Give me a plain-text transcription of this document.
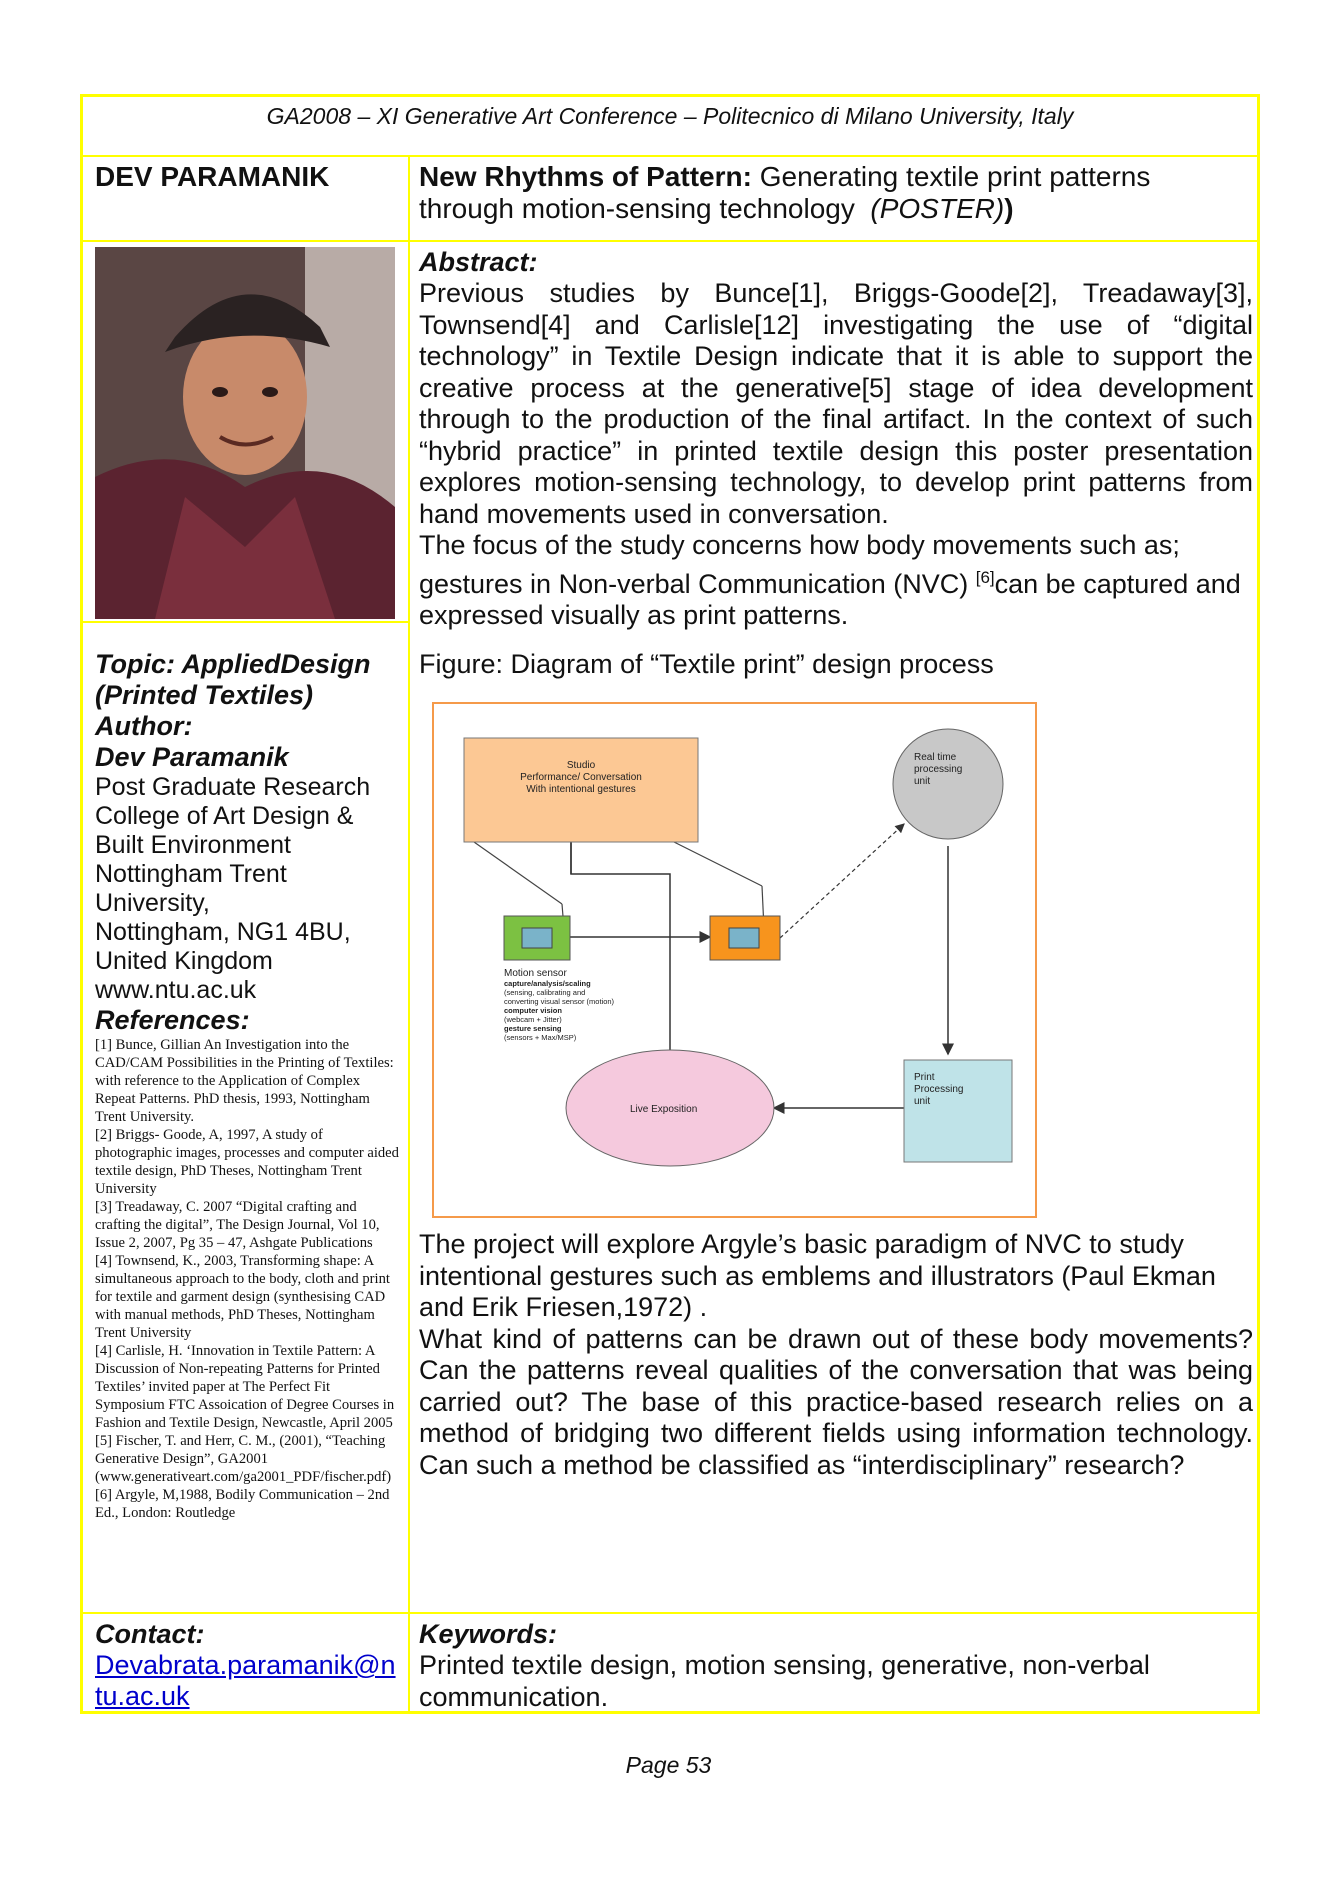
GA2008 – XI Generative Art Conference – Politecnico di Milano University, Italy
DEV PARAMANIK	New Rhythms of Pattern: Generating textile print patterns through motion-sensing technology (POSTER))

Abstract:

Previous studies by Bunce[1], Briggs-Goode[2], Treadaway[3], Townsend[4] and Carlisle[12] investigating the use of “digital technology” in Textile Design indicate that it is able to support the creative process at the generative[5] stage of idea development through to the production of the final artifact. In the context of such “hybrid practice” in printed textile design this poster presentation explores motion-sensing technology, to develop print patterns from hand movements used in conversation.

The focus of the study concerns how body movements such as; gestures in Non-verbal Communication (NVC) [6]can be captured and expressed visually as print patterns.

Figure: Diagram of “Textile print” design process

The project will explore Argyle’s basic paradigm of NVC to study intentional gestures such as emblems and illustrators (Paul Ekman and Erik Friesen,1972) .

What kind of patterns can be drawn out of these body movements? Can the patterns reveal qualities of the conversation that was being carried out? The base of this practice-based research relies on a method of bridging two different fields using information technology. Can such a method be classified as “interdisciplinary” research?

Topic: AppliedDesign (Printed Textiles)

Author:

Dev Paramanik

Post Graduate Research

College of Art Design &

Built Environment

Nottingham Trent

University,

Nottingham, NG1 4BU,

United Kingdom

www.ntu.ac.uk

References:

[1] Bunce, Gillian An Investigation into the CAD/CAM Possibilities in the Printing of Textiles: with reference to the Application of Complex Repeat Patterns. PhD thesis, 1993, Nottingham Trent University.

[2] Briggs- Goode, A, 1997, A study of photographic images, processes and computer aided textile design, PhD Theses, Nottingham Trent University

[3] Treadaway, C. 2007 “Digital crafting and crafting the digital”, The Design Journal, Vol 10, Issue 2, 2007, Pg 35 – 47, Ashgate Publications

[4] Townsend, K., 2003, Transforming shape: A simultaneous approach to the body, cloth and print for textile and garment design (synthesising CAD with manual methods, PhD Theses, Nottingham Trent University

[4] Carlisle, H. ‘Innovation in Textile Pattern: A Discussion of Non-repeating Patterns for Printed Textiles’ invited paper at The Perfect Fit Symposium FTC Assoication of Degree Courses in Fashion and Textile Design, Newcastle, April 2005

[5] Fischer, T. and Herr, C. M., (2001), “Teaching Generative Design”, GA2001 (www.generativeart.com/ga2001_PDF/fischer.pdf)

[6] Argyle, M,1988, Bodily Communication – 2nd Ed., London: Routledge

Contact:

Devabrata.paramanik@n
tu.ac.uk

Keywords:

Printed textile design, motion sensing, generative, non-verbal communication.

Studio
Performance/ Conversation
With intentional gestures
Real time
processing
unit
Motion sensor
capture/analysis/scaling
(sensing, calibrating and
converting visual sensor (motion)
computer vision
(webcam + Jitter)
gesture sensing
(sensors + Max/MSP)
Live Exposition
Print
Processing
unit
Page 53
